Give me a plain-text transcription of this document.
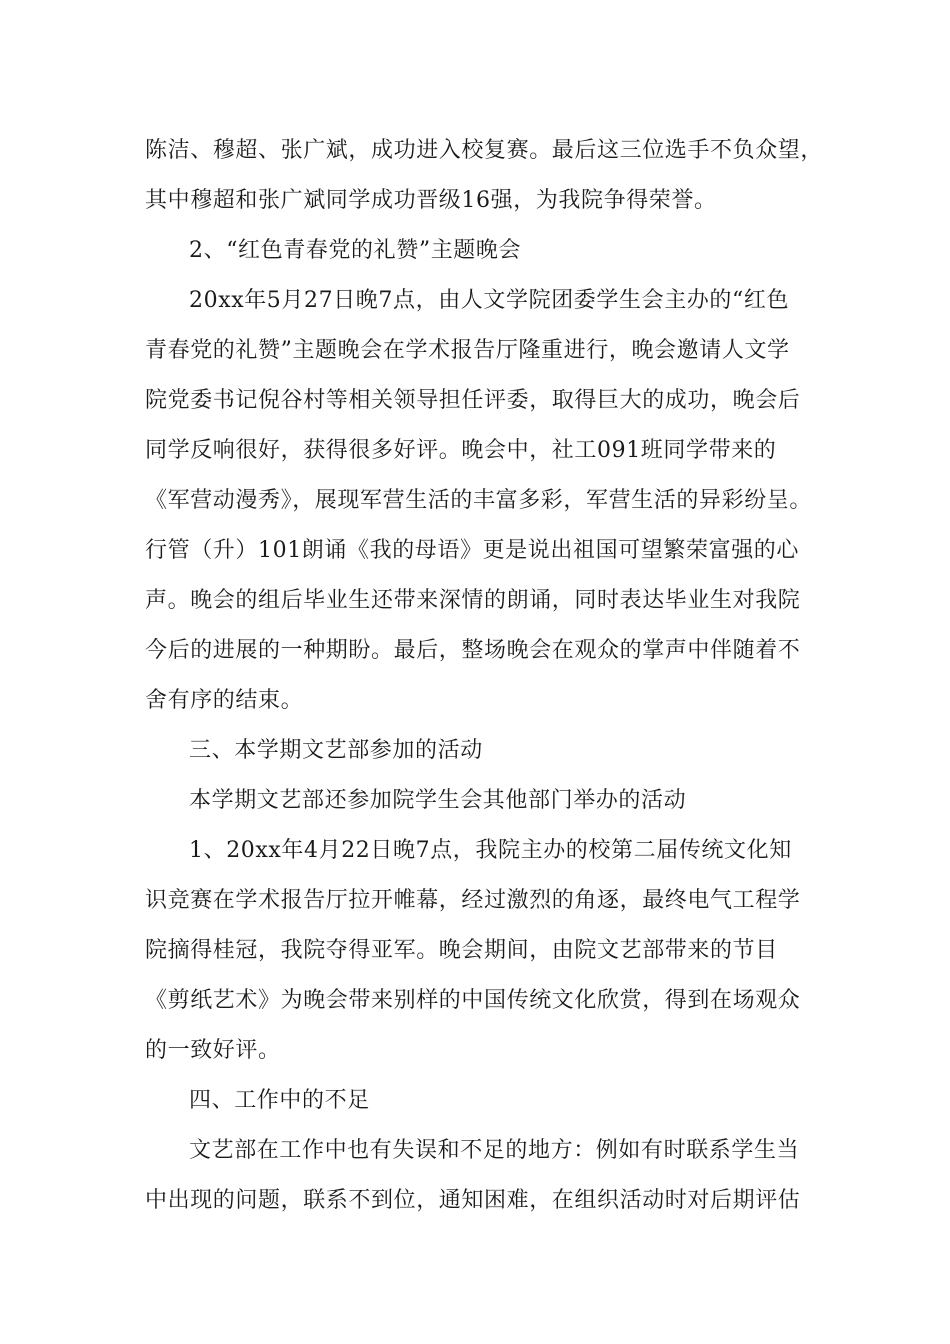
陈洁、穆超、张广斌，成功进入校复赛。最后这三位选手不负众望，
其中穆超和张广斌同学成功晋级16强，为我院争得荣誉。
2、“红色青春党的礼赞”主题晚会
20xx年5月27日晚7点，由人文学院团委学生会主办的“红色
青春党的礼赞”主题晚会在学术报告厅隆重进行，晚会邀请人文学
院党委书记倪谷村等相关领导担任评委，取得巨大的成功，晚会后
同学反响很好，获得很多好评。晚会中，社工091班同学带来的
《军营动漫秀》，展现军营生活的丰富多彩，军营生活的异彩纷呈。
行管（升）101朗诵《我的母语》更是说出祖国可望繁荣富强的心
声。晚会的组后毕业生还带来深情的朗诵，同时表达毕业生对我院
今后的进展的一种期盼。最后，整场晚会在观众的掌声中伴随着不
舍有序的结束。
三、本学期文艺部参加的活动
本学期文艺部还参加院学生会其他部门举办的活动
1、20xx年4月22日晚7点，我院主办的校第二届传统文化知
识竞赛在学术报告厅拉开帷幕，经过激烈的角逐，最终电气工程学
院摘得桂冠，我院夺得亚军。晚会期间，由院文艺部带来的节目
《剪纸艺术》为晚会带来别样的中国传统文化欣赏，得到在场观众
的一致好评。
四、工作中的不足
文艺部在工作中也有失误和不足的地方：例如有时联系学生当
中出现的问题，联系不到位，通知困难，在组织活动时对后期评估
